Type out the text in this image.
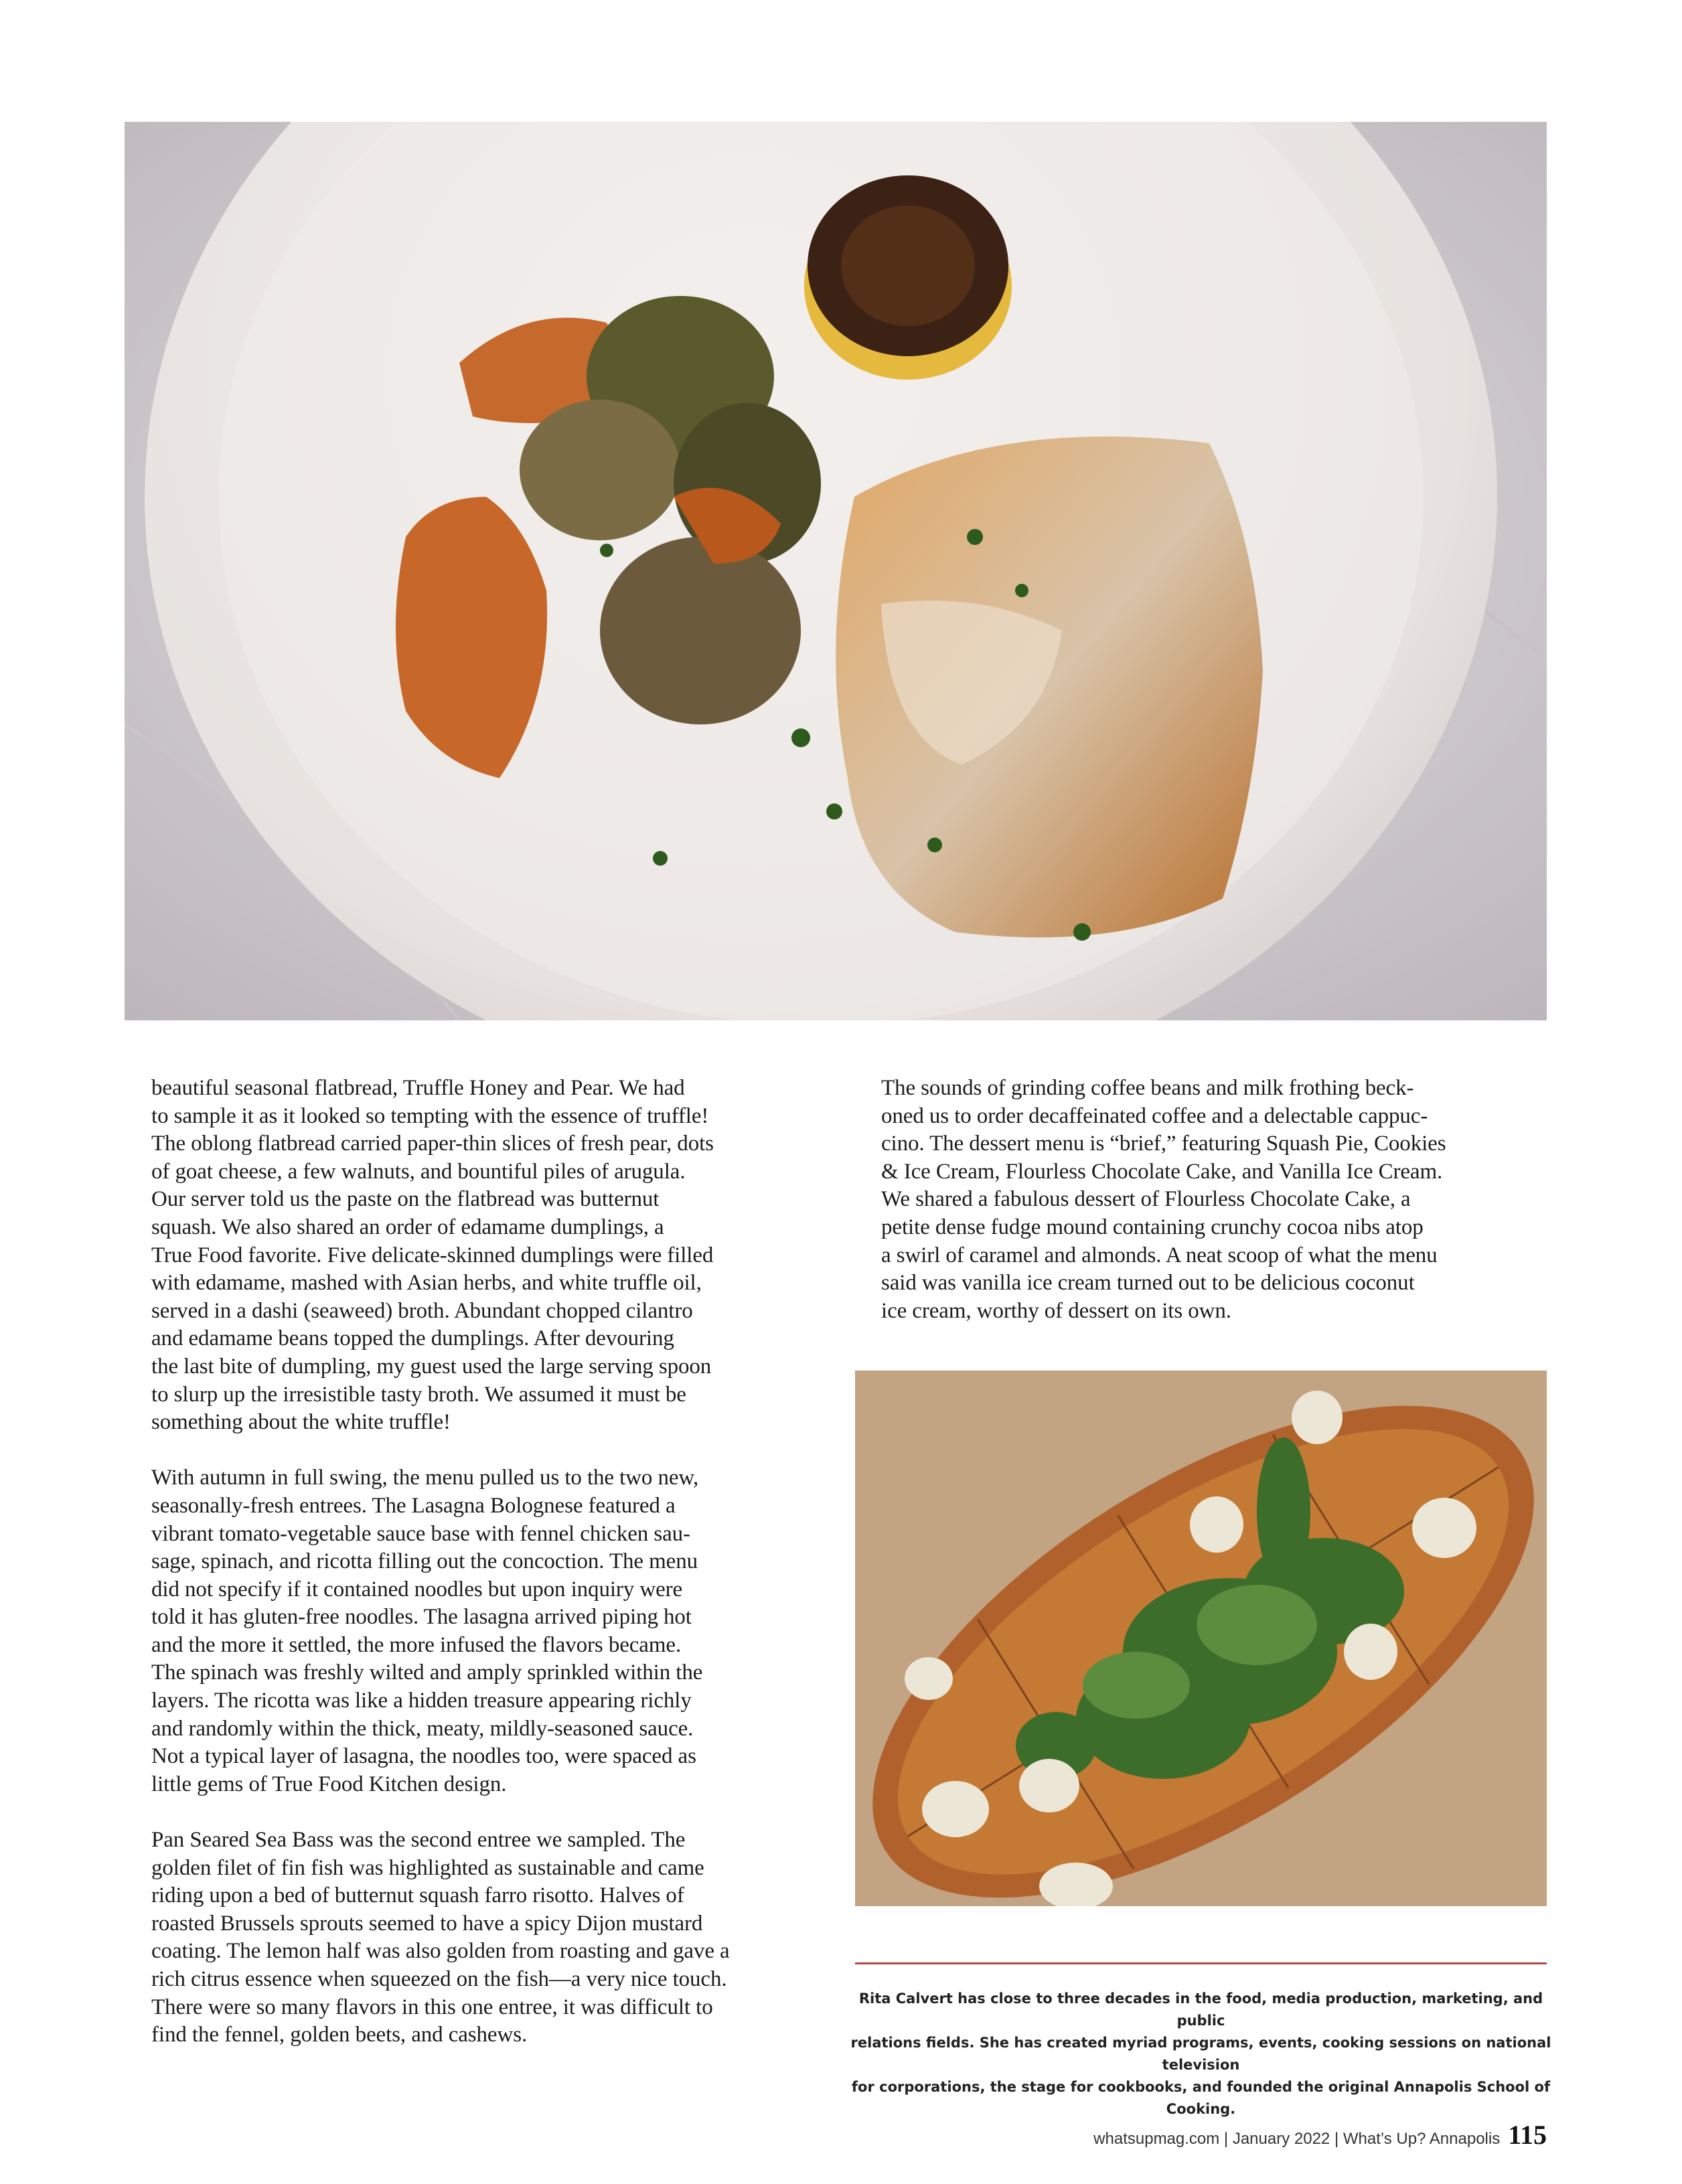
beautiful seasonal flatbread, Truffle Honey and Pear. We had
to sample it as it looked so tempting with the essence of truffle!
The oblong flatbread carried paper-thin slices of fresh pear, dots
of goat cheese, a few walnuts, and bountiful piles of arugula.
Our server told us the paste on the flatbread was butternut
squash. We also shared an order of edamame dumplings, a
True Food favorite. Five delicate-skinned dumplings were filled
with edamame, mashed with Asian herbs, and white truffle oil,
served in a dashi (seaweed) broth. Abundant chopped cilantro
and edamame beans topped the dumplings. After devouring
the last bite of dumpling, my guest used the large serving spoon
to slurp up the irresistible tasty broth. We assumed it must be
something about the white truffle!

With autumn in full swing, the menu pulled us to the two new,
seasonally-fresh entrees. The Lasagna Bolognese featured a
vibrant tomato-vegetable sauce base with fennel chicken sau-
sage, spinach, and ricotta filling out the concoction. The menu
did not specify if it contained noodles but upon inquiry were
told it has gluten-free noodles. The lasagna arrived piping hot
and the more it settled, the more infused the flavors became.
The spinach was freshly wilted and amply sprinkled within the
layers. The ricotta was like a hidden treasure appearing richly
and randomly within the thick, meaty, mildly-seasoned sauce.
Not a typical layer of lasagna, the noodles too, were spaced as
little gems of True Food Kitchen design.

Pan Seared Sea Bass was the second entree we sampled. The
golden filet of fin fish was highlighted as sustainable and came
riding upon a bed of butternut squash farro risotto. Halves of
roasted Brussels sprouts seemed to have a spicy Dijon mustard
coating. The lemon half was also golden from roasting and gave a
rich citrus essence when squeezed on the fish—a very nice touch.
There were so many flavors in this one entree, it was difficult to
find the fennel, golden beets, and cashews.

The sounds of grinding coffee beans and milk frothing beck-
oned us to order decaffeinated coffee and a delectable cappuc-
cino. The dessert menu is “brief,” featuring Squash Pie, Cookies
& Ice Cream, Flourless Chocolate Cake, and Vanilla Ice Cream.
We shared a fabulous dessert of Flourless Chocolate Cake, a
petite dense fudge mound containing crunchy cocoa nibs atop
a swirl of caramel and almonds. A neat scoop of what the menu
said was vanilla ice cream turned out to be delicious coconut
ice cream, worthy of dessert on its own.

Rita Calvert has close to three decades in the food, media production, marketing, and public
relations fields. She has created myriad programs, events, cooking sessions on national television
for corporations, the stage for cookbooks, and founded the original Annapolis School of Cooking.
whatsupmag.com | January 2022 | What’s Up? Annapolis 115
